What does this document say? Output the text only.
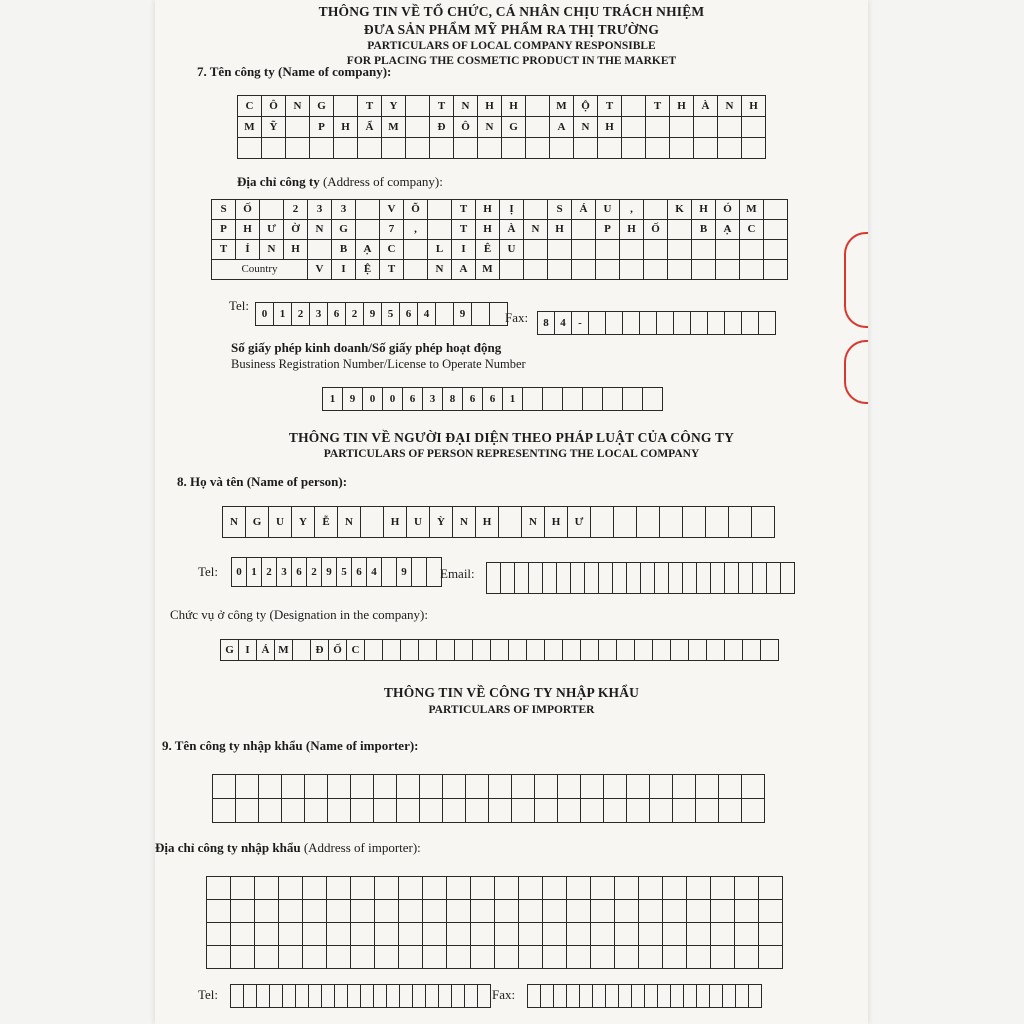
THÔNG TIN VỀ TỔ CHỨC, CÁ NHÂN CHỊU TRÁCH NHIỆM
ĐƯA SẢN PHẨM MỸ PHẨM RA THỊ TRƯỜNG
PARTICULARS OF LOCAL COMPANY RESPONSIBLE
FOR PLACING THE COSMETIC PRODUCT IN THE MARKET
7. Tên công ty (Name of company):
C	Ô	N	G		T	Y		T	N	H	H		M	Ộ	T		T	H	À	N	H
M	Ỹ		P	H	Ẩ	M		Đ	Ô	N	G		A	N	H						

Địa chỉ công ty (Address of company):
S	Ố		2	3	3		V	Õ		T	H	Ị		S	Á	U	,		K	H	Ó	M	
P	H	Ư	Ờ	N	G		7	,		T	H	À	N	H		P	H	Ố		B	Ạ	C	
T	Ỉ	N	H		B	Ạ	C		L	I	Ê	U											
Country				V	I	Ệ	T		N	A	M												
Tel:
0	1	2	3	6	2	9	5	6	4		9			Fax: 8	4	-											
Số giấy phép kinh doanh/Số giấy phép hoạt động
Business Registration Number/License to Operate Number
1	9	0	0	6	3	8	6	6	1							
THÔNG TIN VỀ NGƯỜI ĐẠI DIỆN THEO PHÁP LUẬT CỦA CÔNG TY
PARTICULARS OF PERSON REPRESENTING THE LOCAL COMPANY
8. Họ và tên (Name of person):
N	G	U	Y	Ễ	N		H	U	Ỳ	N	H		N	H	Ư								
Tel: 0	1	2	3	6	2	9	5	6	4		9			Email:

Chức vụ ở công ty (Designation in the company):
G	I	Á	M		Đ	Ố	C																							
THÔNG TIN VỀ CÔNG TY NHẬP KHẨU
PARTICULARS OF IMPORTER
9. Tên công ty nhập khẩu (Name of importer):

Địa chỉ công ty nhập khẩu (Address of importer):

Tel:
																				Fax:
